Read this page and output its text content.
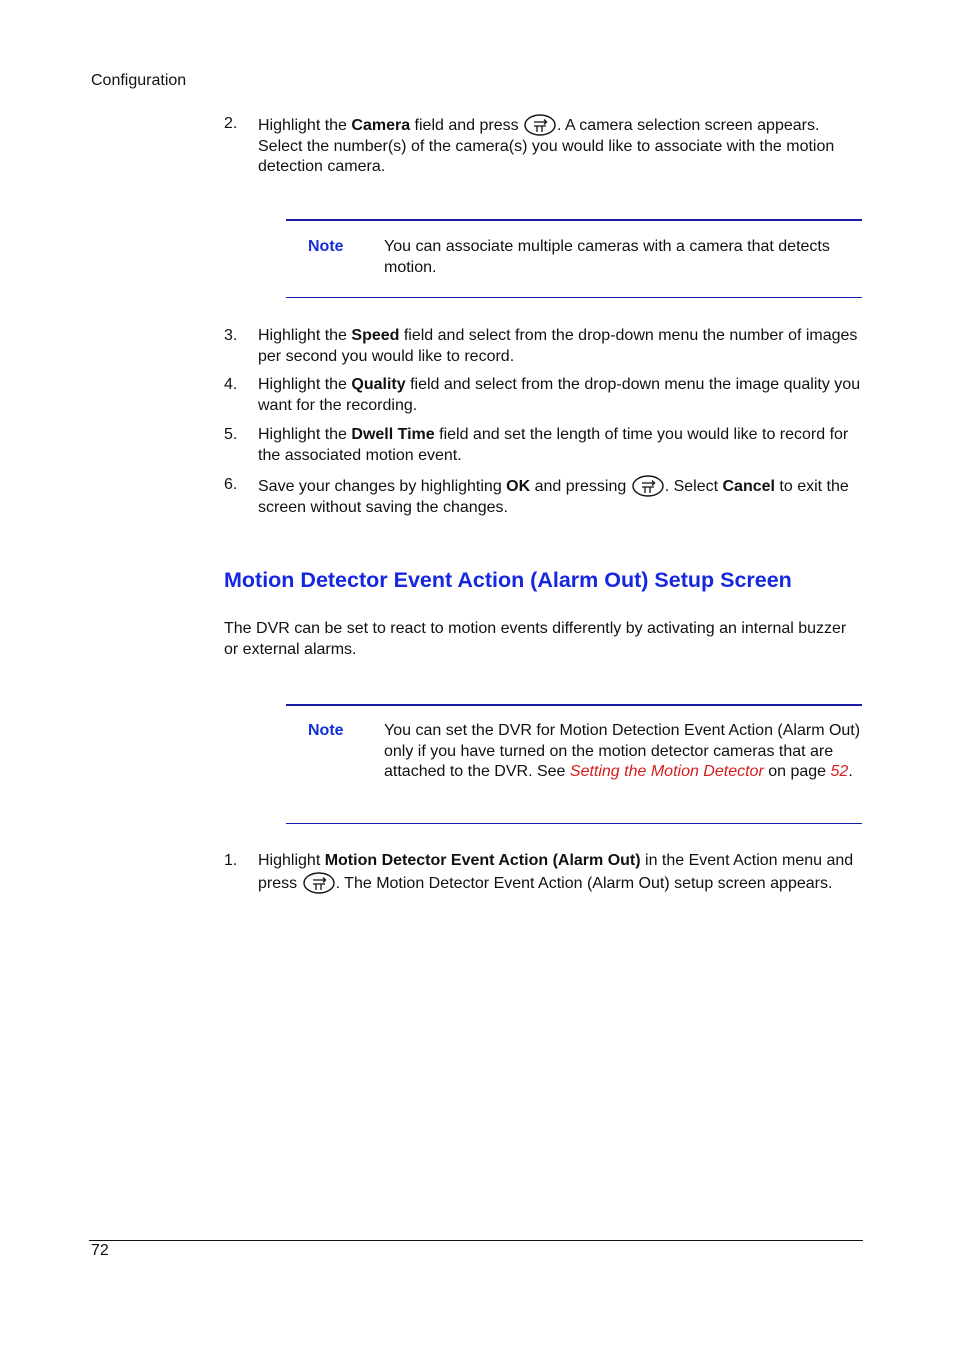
Configuration
2.	Highlight the Camera field and press . A camera selection screen appears. Select the number(s) of the camera(s) you would like to associate with the motion detection camera.
Note	You can associate multiple cameras with a camera that detects motion.
3.	Highlight the Speed field and select from the drop-down menu the number of images per second you would like to record.
4.	Highlight the Quality field and select from the drop-down menu the image quality you want for the recording.
5.	Highlight the Dwell Time field and set the length of time you would like to record for the associated motion event.
6.	Save your changes by highlighting OK and pressing . Select Cancel to exit the screen without saving the changes.
Motion Detector Event Action (Alarm Out) Setup Screen
The DVR can be set to react to motion events differently by activating an internal buzzer or external alarms.
Note	You can set the DVR for Motion Detection Event Action (Alarm Out) only if you have turned on the motion detector cameras that are attached to the DVR. See Setting the Motion Detector on page 52.
1.	Highlight Motion Detector Event Action (Alarm Out) in the Event Action menu and press . The Motion Detector Event Action (Alarm Out) setup screen appears.
72
